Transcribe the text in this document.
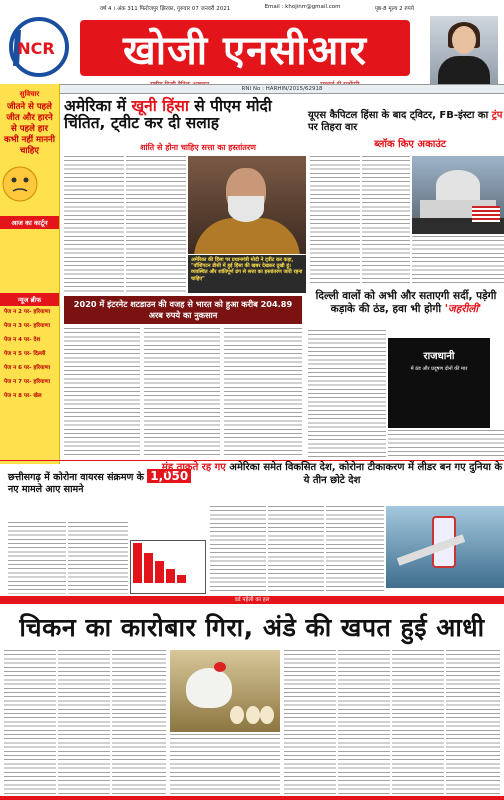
वर्ष 4 । अंक 311 फिरोजपुर झिरका, गुरुवार 07 जनवरी 2021	Email : khojinrr@gmail.com	पृष्ठ-8 मूल्य 2 रुपये
NCR खोजी एनसीआर
RNI No : HARHIN/2015/62918
सुविचार
जीतने से पहले जीत और हारने से पहले हार कभी नहीं माननी चाहिए
आज का कार्टून
न्यूज ब्रीफ
पेज न 2 पर- हरियाणा
पेज न 3 पर- हरियाणा
पेज न 4 पर- देश
पेज न 5 पर- दिल्ली
पेज न 6 पर- हरियाणा
पेज न 7 पर- हरियाणा
पेज न 8 पर- खेल
अमेरिका में खूनी हिंसा से पीएम मोदी चिंतित, ट्वीट कर दी सलाह
शांति से होना चाहिए सत्ता का हस्तांतरण
अमेरिका की हिंसा पर प्रधानमंत्री मोदी ने ट्वीट कर कहा, "वॉशिंगटन डीसी में हुई हिंसा की खबर देखकर दुखी हूं। व्यवस्थित और शांतिपूर्ण ढंग से सत्ता का हस्तांतरण जारी रहना चाहिए"
यूएस कैपिटल हिंसा के बाद ट्विटर, FB-इंस्टा का ट्रंप पर तिहरा वार
ब्लॉक किए अकाउंट
2020 में इंटरनेट शटडाउन की वजह से भारत को हुआ करीब 204.89 अरब रुपये का नुकसान
दिल्ली वालों को अभी और सताएगी सर्दी, पड़ेगी कड़ाके की ठंड, हवा भी होगी 'जहरीली'
राजधानी
में ठंड और प्रदूषण दोनों की मार
छत्तीसगढ़ में कोरोना वायरस संक्रमण के 1,050 नए मामले आए सामने
मुंह ताकते रह गए अमेरिका समेत विकसित देश, कोरोना टीकाकरण में लीडर बन गए दुनिया के ये तीन छोटे देश
वर्ड पहेली का हल
चिकन का कारोबार गिरा, अंडे की खपत हुई आधी
